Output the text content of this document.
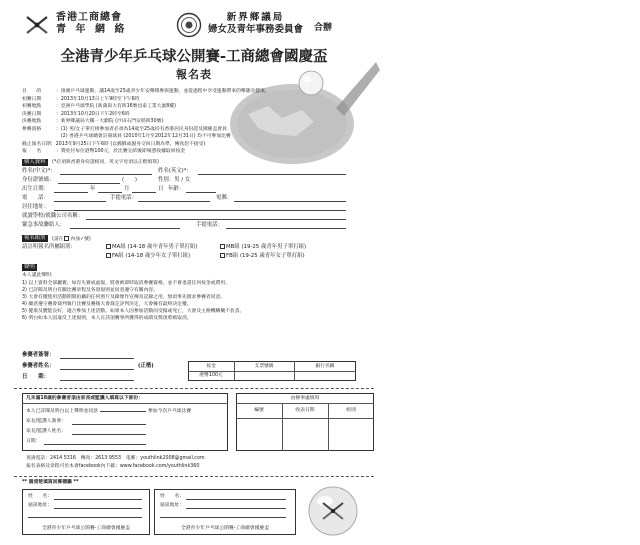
香港工商總會
青 年 網 絡
新界鄉議局
婦女及青年事務委員會 合辦
全港青少年乒乓球公開賽-工商總會國慶盃
報名表
目　　的	：推廣乒乓球運動，讓14歲至25歲青少年安樂積參與運動，並從過程中享受運動帶來的樂趣及健康。
初賽日期	：2013年10月13日上午9時至下午6時
初賽地點	：亞洲乒乓球學院 (新蒲崗大有街16號昌泰工業大廈8樓)
決賽日期	：2013年10月20日下午2時至6時
決賽地點	：新界鄉議局大樓一大劇院 (沙田石門安睦街30號)
參賽資格	：(1) 男/女子單打組參加者必須為14歲至25歲持有香港居民身份證及國慶盃會員
　(2) 香港乒乓球總會註冊球員 (2010年1月至2012年12月31日) 均不可參加比賽
截止報名日期：2013年9月25日下午6時 (以郵戳或親身交回日期為準，傳真恕不接受)
報　　名	：費免付每位港幣100元，於比賽完結後即場憑收據取回按金
個人資料	(*必須與香港身份證相同，英文字母須以正楷填寫)
姓名(中文)*：	姓名(英文)*：
身份證號碼：	(　　)	性別：男 / 女
出生日期：	年	月	日 年齡：
電　　話：	手提電話：	電郵：
居住地址：
就讀學校/就職公司名稱：
緊急事故聯絡人：	手提電話：
報名組別	(請在 內加✓號)
請註明報名所屬組別：	MA組 (14-18 歲中青年男子單打組)	MB組 (19-25 歲青年男子單打組)
FA組 (14-18 歲少年女子單打組)	FB組 (19-25 歲青年女子單打組)
聲明
本人謹此聲明：
1) 以上資料全部屬實，如有失實或虛報，將會被即時取消參賽資格，並不會退還任何按金或費用。
2) 已詳閱及明白有關比賽章程及各項規則並同意遵守有關內容。
3) 大會有權使用活動期間拍攝的任何照片及錄像作宣傳及記錄之用，無須事先徵求參賽者同意。
4) 願意遵守賽會裁判執行比賽及賽後大會裁定評判決定，大會擁有最終決定權。
5) 健康及體能良好，適合參加上述活動。如果本人因參加活動而受傷或死亡，大會及主辦機構概不負責。
6) 明白如本人因違反上述規則，本人在該項賽事所獲得的成績及獎項將被取消。
參賽者簽署：
參賽者姓名：	(正楷)
日　　期：
按金	支票號碼	銀行名稱
港幣100元
凡未滿18歲的參賽者須由家長或監護人填寫以下部份：
本人已詳閱及明白以上聲明並同意	參加今次乒乓球比賽
家長/監護人簽署：
家長/監護人姓名：
日期：
由辦事處填寫
編號	收表日期	組別
查詢電話：2414 5316　傳真：2613 9553　電郵：youthlink2008@gmail.com
報名表格及章程可於本會facebook內下載：www.facebook.com/youthlink360
** 請清楚填寫回郵標籤 **
姓　　名：
通訊地址：
全港青少年乒乓球公開賽-工商總會國慶盃
姓　　名：
通訊地址：
全港青少年乒乓球公開賽-工商總會國慶盃
